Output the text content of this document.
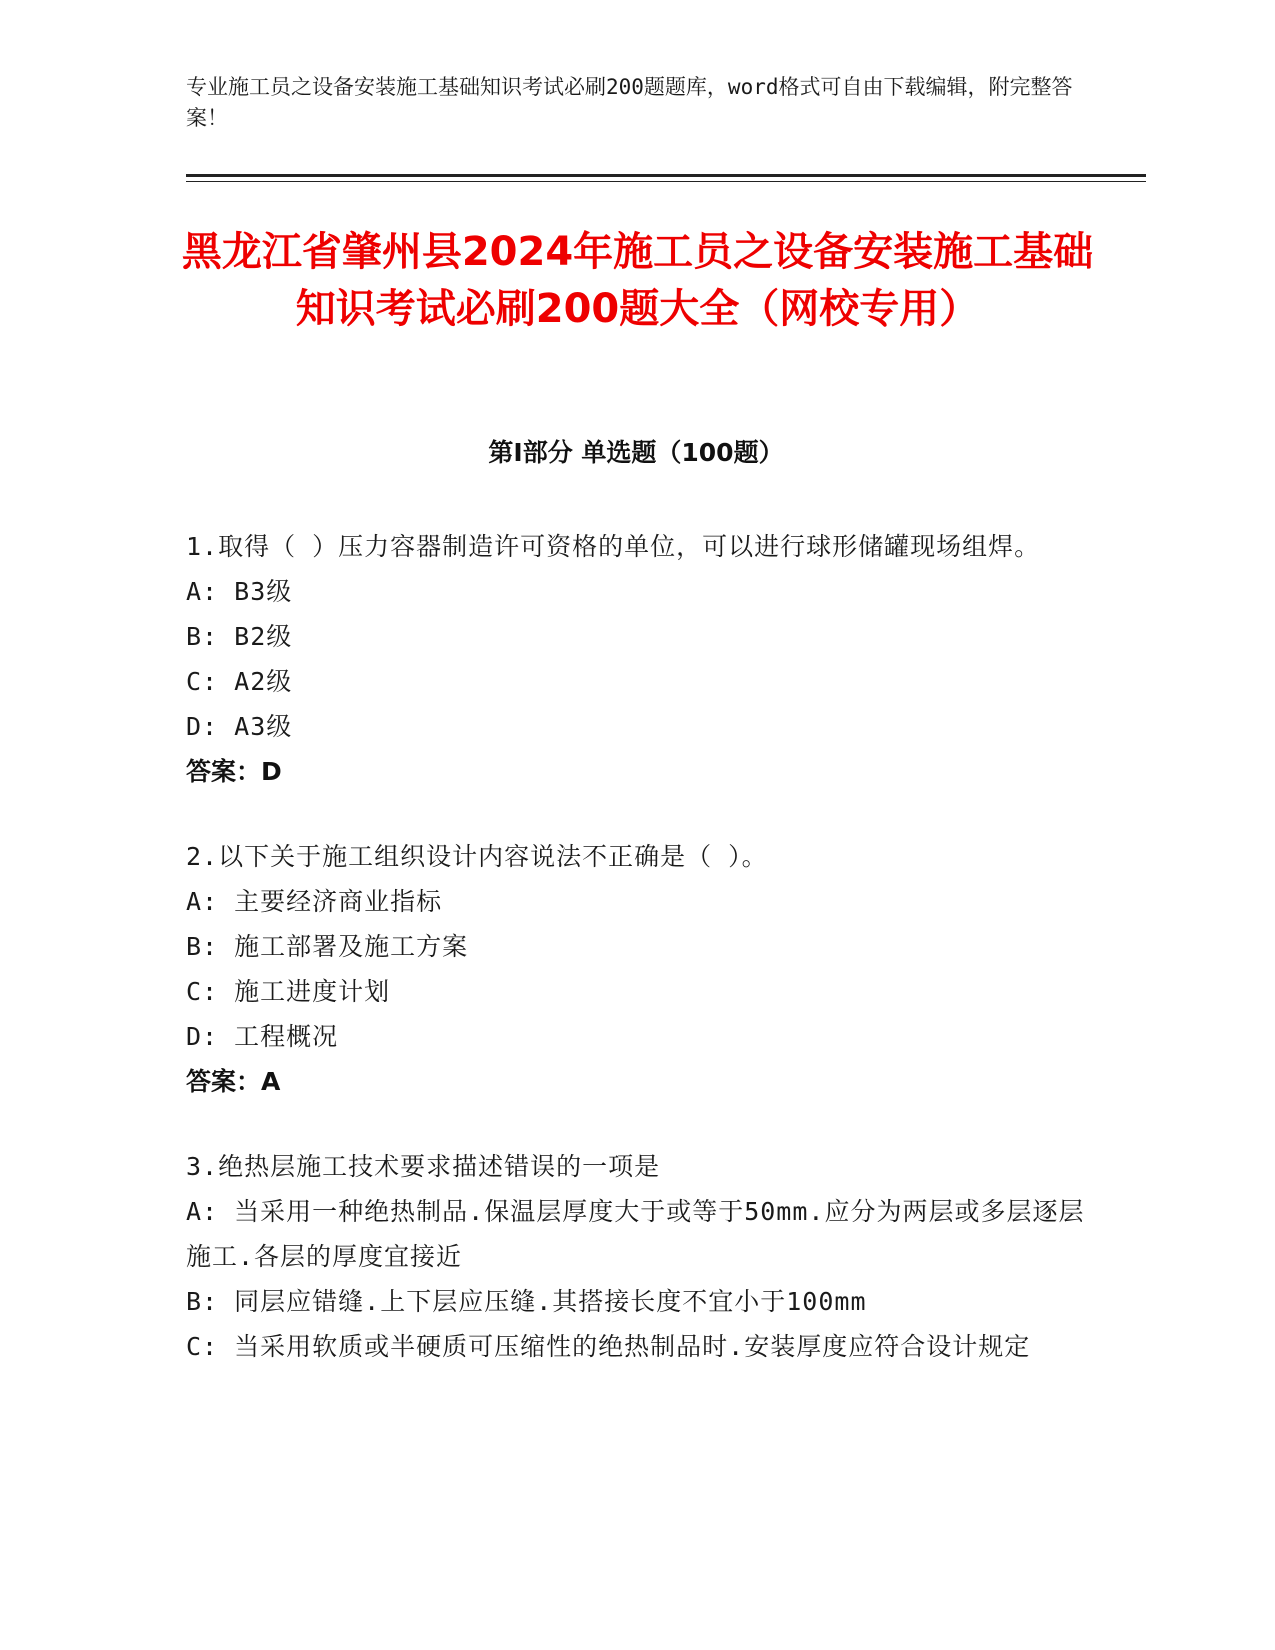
专业施工员之设备安装施工基础知识考试必刷200题题库，word格式可自由下载编辑，附完整答案！
黑龙江省肇州县2024年施工员之设备安装施工基础知识考试必刷200题大全（网校专用）
第Ⅰ部分 单选题（100题）
1.取得（ ）压力容器制造许可资格的单位，可以进行球形储罐现场组焊。
A: B3级
B: B2级
C: A2级
D: A3级
答案：D
2.以下关于施工组织设计内容说法不正确是（ ）。
A: 主要经济商业指标
B: 施工部署及施工方案
C: 施工进度计划
D: 工程概况
答案：A
3.绝热层施工技术要求描述错误的一项是
A: 当采用一种绝热制品.保温层厚度大于或等于50mm.应分为两层或多层逐层施工.各层的厚度宜接近
B: 同层应错缝.上下层应压缝.其搭接长度不宜小于100mm
C: 当采用软质或半硬质可压缩性的绝热制品时.安装厚度应符合设计规定
